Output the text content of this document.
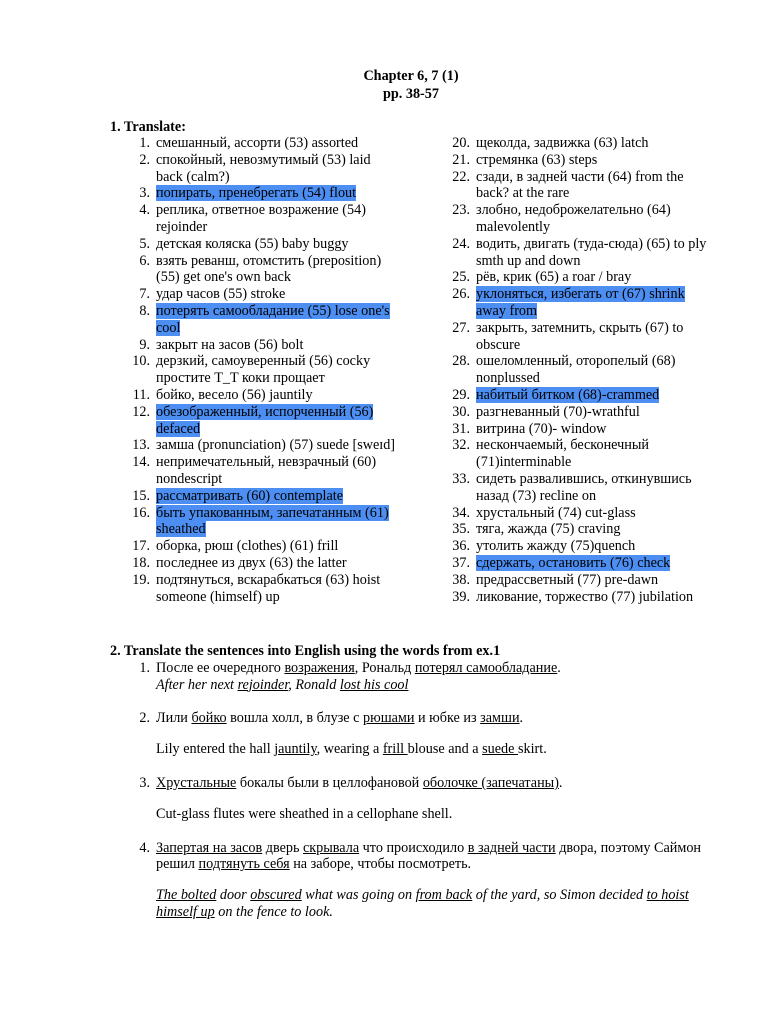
Chapter 6, 7 (1)
pp. 38-57
1. Translate:
1. смешанный, ассорти (53) assorted
2. спокойный, невозмутимый (53) laid back (calm?)
3. попирать, пренебрегать (54) flout
4. реплика, ответное возражение (54) rejoinder
5. детская коляска (55) baby buggy
6. взять реванш, отомстить (preposition) (55) get one's own back
7. удар часов (55) stroke
8. потерять самообладание (55) lose one's cool
9. закрыт на засов (56) bolt
10. дерзкий, самоуверенный (56) cocky простите T_T коки прощает
11. бойко, весело (56) jauntily
12. обезображенный, испорченный (56) defaced
13. замша (pronunciation) (57) suede [sweɪd]
14. непримечательный, невзрачный (60) nondescript
15. рассматривать (60) contemplate
16. быть упакованным, запечатанным (61) sheathed
17. оборка, рюш (clothes) (61) frill
18. последнее из двух (63) the latter
19. подтянуться, вскарабкаться (63) hoist someone (himself) up
20. щеколда, задвижка (63) latch
21. стремянка (63) steps
22. сзади, в задней части (64) from the back? at the rare
23. злобно, недоброжелательно (64) malevolently
24. водить, двигать (туда-сюда) (65) to ply smth up and down
25. рёв, крик (65) a roar / bray
26. уклоняться, избегать от (67) shrink away from
27. закрыть, затемнить, скрыть (67) to obscure
28. ошеломленный, оторопелый (68) nonplussed
29. набитый битком (68)-crammed
30. разгневанный (70)-wrathful
31. витрина (70)- window
32. нескончаемый, бесконечный (71)interminable
33. сидеть развалившись, откинувшись назад (73) recline on
34. хрустальный (74) cut-glass
35. тяга, жажда (75) craving
36. утолить жажду (75)quench
37. сдержать, остановить (76) check
38. предрассветный (77) pre-dawn
39. ликование, торжество (77) jubilation
2. Translate the sentences into English using the words from ex.1
1. После ее очередного возражения, Рональд потерял самообладание.

After her next rejoinder, Ronald lost his cool

2. Лили бойко вошла холл, в блузе с рюшами и юбке из замши.

Lily entered the hall jauntily, wearing a frill blouse and a suede skirt.

3. Хрустальные бокалы были в целлофановой оболочке (запечатаны).

Cut-glass flutes were sheathed in a cellophane shell.

4. Запертая на засов дверь скрывала что происходило в задней части двора, поэтому Саймон решил подтянуть себя на заборе, чтобы посмотреть.

The bolted door obscured what was going on from back of the yard, so Simon decided to hoist himself up on the fence to look.
